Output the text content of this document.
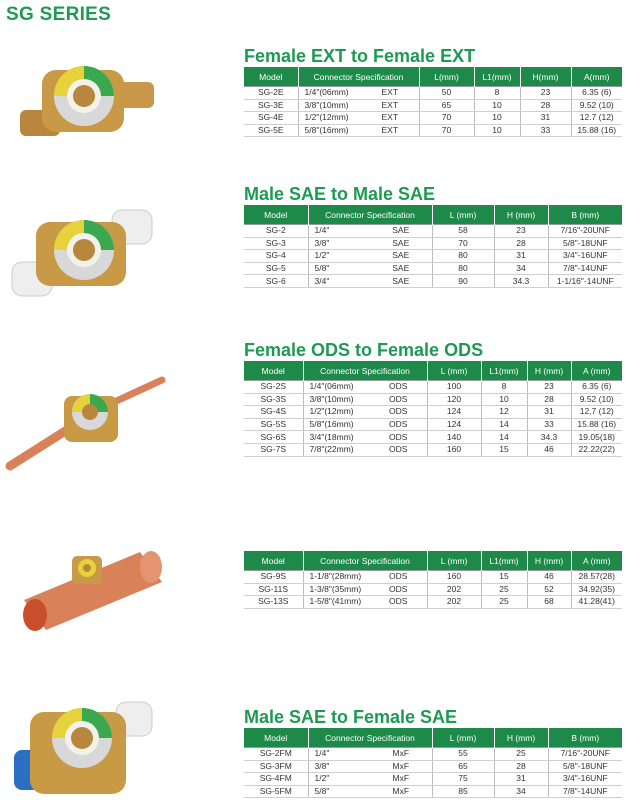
SG SERIES
Female EXT to Female EXT
Model	Connector Specification		L(mm)	L1(mm)	H(mm)	A(mm)
SG-2E	1/4"(06mm)	EXT	50	8	23	6.35 (6)
SG-3E	3/8"(10mm)	EXT	65	10	28	9.52 (10)
SG-4E	1/2"(12mm)	EXT	70	10	31	12.7 (12)
SG-5E	5/8"(16mm)	EXT	70	10	33	15.88 (16)
Male SAE to Male SAE
Model	Connector Specification		L (mm)	H (mm)	B (mm)
SG-2	1/4"	SAE	58	23	7/16"-20UNF
SG-3	3/8"	SAE	70	28	5/8"-18UNF
SG-4	1/2"	SAE	80	31	3/4"-16UNF
SG-5	5/8"	SAE	80	34	7/8"-14UNF
SG-6	3/4"	SAE	90	34.3	1-1/16"-14UNF
Female ODS to Female ODS
Model	Connector Specification		L (mm)	L1(mm)	H (mm)	A (mm)
SG-2S	1/4"(06mm)	ODS	100	8	23	6.35 (6)
SG-3S	3/8"(10mm)	ODS	120	10	28	9.52 (10)
SG-4S	1/2"(12mm)	ODS	124	12	31	12.7 (12)
SG-5S	5/8"(16mm)	ODS	124	14	33	15.88 (16)
SG-6S	3/4"(18mm)	ODS	140	14	34.3	19.05(18)
SG-7S	7/8"(22mm)	ODS	160	15	46	22.22(22)
Model	Connector Specification		L (mm)	L1(mm)	H (mm)	A (mm)
SG-9S	1-1/8"(28mm)	ODS	160	15	46	28.57(28)
SG-11S	1-3/8"(35mm)	ODS	202	25	52	34.92(35)
SG-13S	1-5/8"(41mm)	ODS	202	25	68	41.28(41)
Male SAE to Female SAE
Model	Connector Specification		L (mm)	H (mm)	B (mm)
SG-2FM	1/4"	MxF	55	25	7/16"-20UNF
SG-3FM	3/8"	MxF	65	28	5/8"-18UNF
SG-4FM	1/2"	MxF	75	31	3/4"-16UNF
SG-5FM	5/8"	MxF	85	34	7/8"-14UNF
